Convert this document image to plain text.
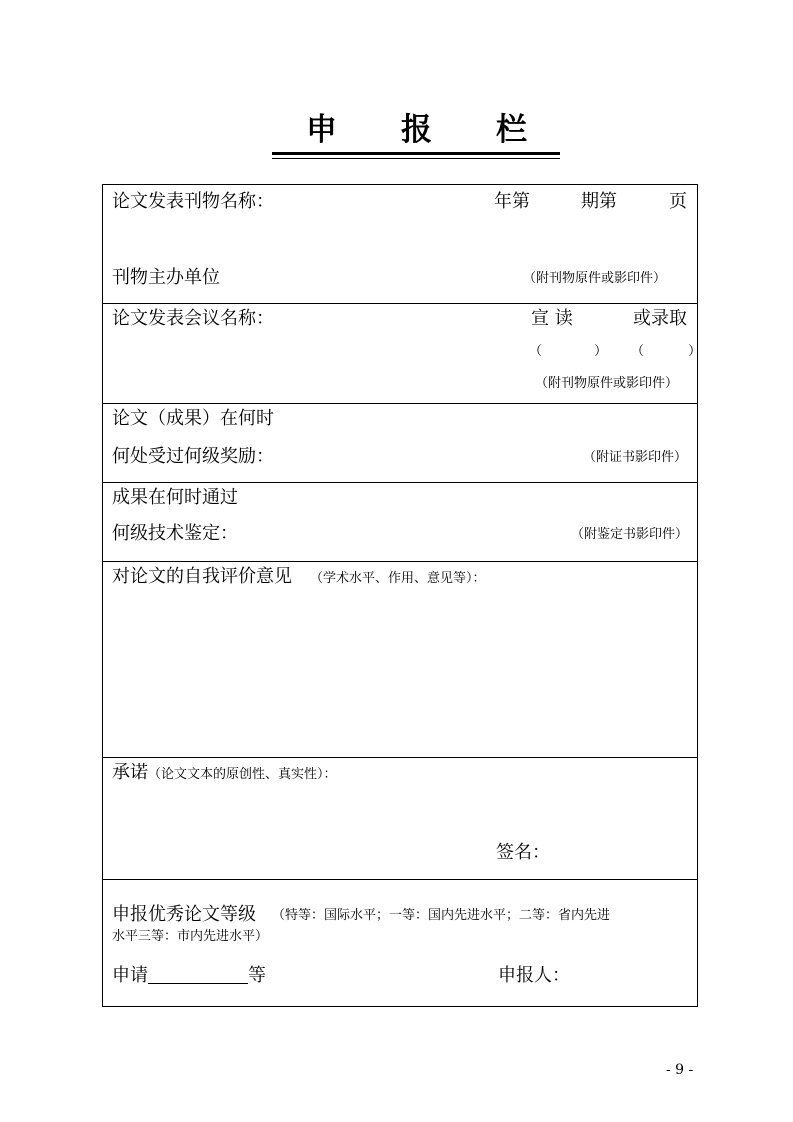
申 报 栏
论文发表刊物名称：	年第	期第	页
刊物主办单位	（附刊物原件或影印件）
论文发表会议名称：	宣 读	或录取
（ ） （ ）
（附刊物原件或影印件）
论文（成果）在何时
何处受过何级奖励：	（附证书影印件）
成果在何时通过
何级技术鉴定：	（附鉴定书影印件）
对论文的自我评价意见 （学术水平、作用、意见等）：
承诺 （论文文本的原创性、真实性）：
签名：
申报优秀论文等级 （特等：国际水平；一等：国内先进水平；二等：省内先进
水平三等：市内先进水平）
申请	等	申报人：
- 9 -
